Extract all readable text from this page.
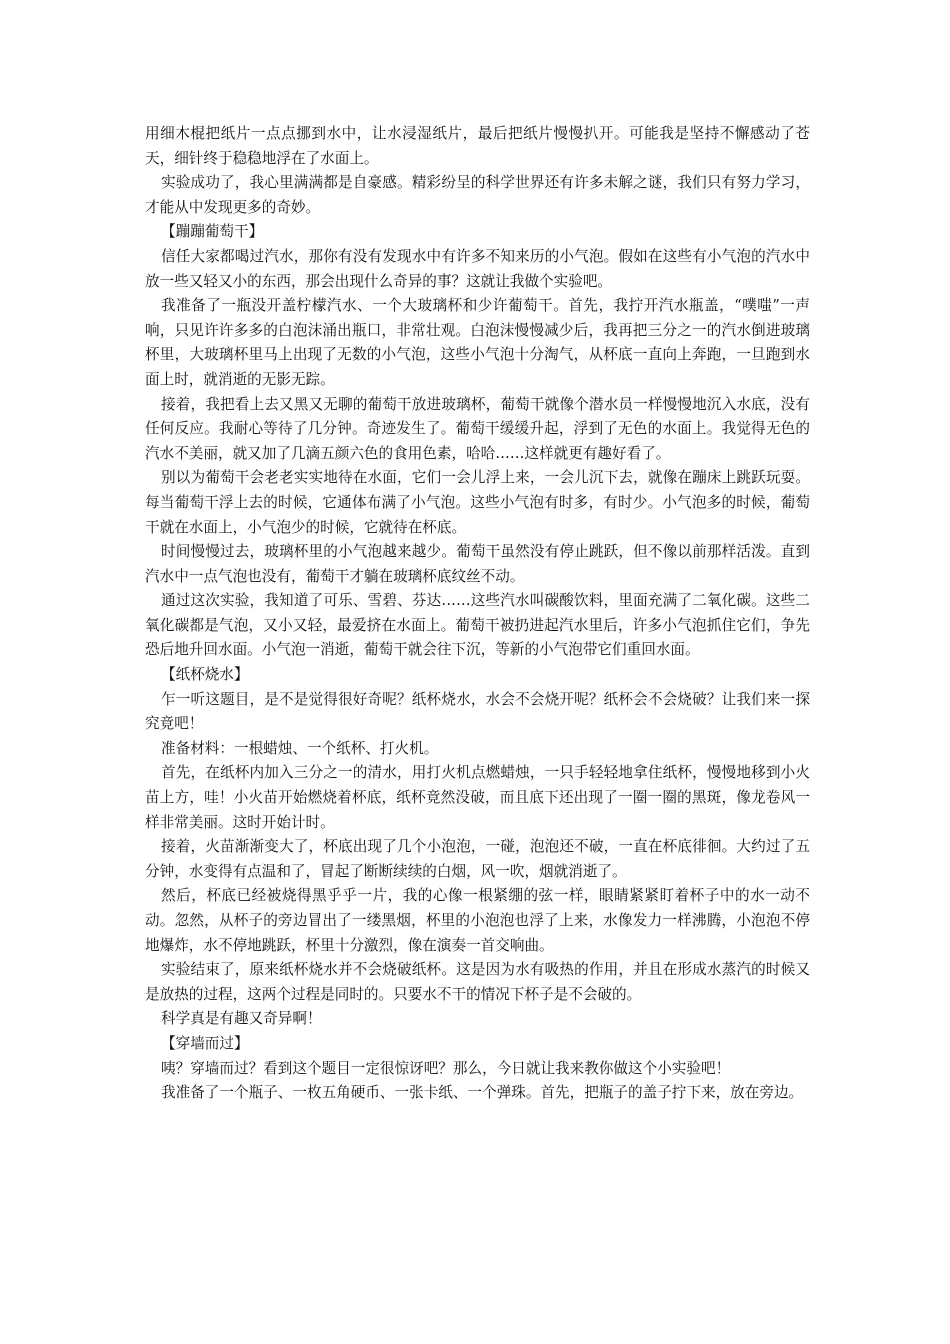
用细木棍把纸片一点点挪到水中，让水浸湿纸片，最后把纸片慢慢扒开。可能我是坚持不懈感动了苍天，细针终于稳稳地浮在了水面上。

实验成功了，我心里满满都是自豪感。精彩纷呈的科学世界还有许多未解之谜，我们只有努力学习，才能从中发现更多的奇妙。

【蹦蹦葡萄干】

信任大家都喝过汽水，那你有没有发现水中有许多不知来历的小气泡。假如在这些有小气泡的汽水中放一些又轻又小的东西，那会出现什么奇异的事？这就让我做个实验吧。

我准备了一瓶没开盖柠檬汽水、一个大玻璃杯和少许葡萄干。首先，我拧开汽水瓶盖，“噗嗤”一声响，只见许许多多的白泡沫涌出瓶口，非常壮观。白泡沫慢慢减少后，我再把三分之一的汽水倒进玻璃杯里，大玻璃杯里马上出现了无数的小气泡，这些小气泡十分淘气，从杯底一直向上奔跑，一旦跑到水面上时，就消逝的无影无踪。

接着，我把看上去又黑又无聊的葡萄干放进玻璃杯，葡萄干就像个潜水员一样慢慢地沉入水底，没有任何反应。我耐心等待了几分钟。奇迹发生了。葡萄干缓缓升起，浮到了无色的水面上。我觉得无色的汽水不美丽，就又加了几滴五颜六色的食用色素，哈哈……这样就更有趣好看了。

别以为葡萄干会老老实实地待在水面，它们一会儿浮上来，一会儿沉下去，就像在蹦床上跳跃玩耍。每当葡萄干浮上去的时候，它通体布满了小气泡。这些小气泡有时多，有时少。小气泡多的时候，葡萄干就在水面上，小气泡少的时候，它就待在杯底。

时间慢慢过去，玻璃杯里的小气泡越来越少。葡萄干虽然没有停止跳跃，但不像以前那样活泼。直到汽水中一点气泡也没有，葡萄干才躺在玻璃杯底纹丝不动。

通过这次实验，我知道了可乐、雪碧、芬达……这些汽水叫碳酸饮料，里面充满了二氧化碳。这些二氧化碳都是气泡，又小又轻，最爱挤在水面上。葡萄干被扔进起汽水里后，许多小气泡抓住它们，争先恐后地升回水面。小气泡一消逝，葡萄干就会往下沉，等新的小气泡带它们重回水面。

【纸杯烧水】

乍一听这题目，是不是觉得很好奇呢？纸杯烧水，水会不会烧开呢？纸杯会不会烧破？让我们来一探究竟吧！

准备材料：一根蜡烛、一个纸杯、打火机。

首先，在纸杯内加入三分之一的清水，用打火机点燃蜡烛，一只手轻轻地拿住纸杯，慢慢地移到小火苗上方，哇！小火苗开始燃烧着杯底，纸杯竟然没破，而且底下还出现了一圈一圈的黑斑，像龙卷风一样非常美丽。这时开始计时。

接着，火苗渐渐变大了，杯底出现了几个小泡泡，一碰，泡泡还不破，一直在杯底徘徊。大约过了五分钟，水变得有点温和了，冒起了断断续续的白烟，风一吹，烟就消逝了。

然后，杯底已经被烧得黑乎乎一片，我的心像一根紧绷的弦一样，眼睛紧紧盯着杯子中的水一动不动。忽然，从杯子的旁边冒出了一缕黑烟，杯里的小泡泡也浮了上来，水像发力一样沸腾，小泡泡不停地爆炸，水不停地跳跃，杯里十分激烈，像在演奏一首交响曲。

实验结束了，原来纸杯烧水并不会烧破纸杯。这是因为水有吸热的作用，并且在形成水蒸汽的时候又是放热的过程，这两个过程是同时的。只要水不干的情况下杯子是不会破的。

科学真是有趣又奇异啊！

【穿墙而过】

咦？穿墙而过？看到这个题目一定很惊讶吧？那么，今日就让我来教你做这个小实验吧！

我准备了一个瓶子、一枚五角硬币、一张卡纸、一个弹珠。首先，把瓶子的盖子拧下来，放在旁边。
